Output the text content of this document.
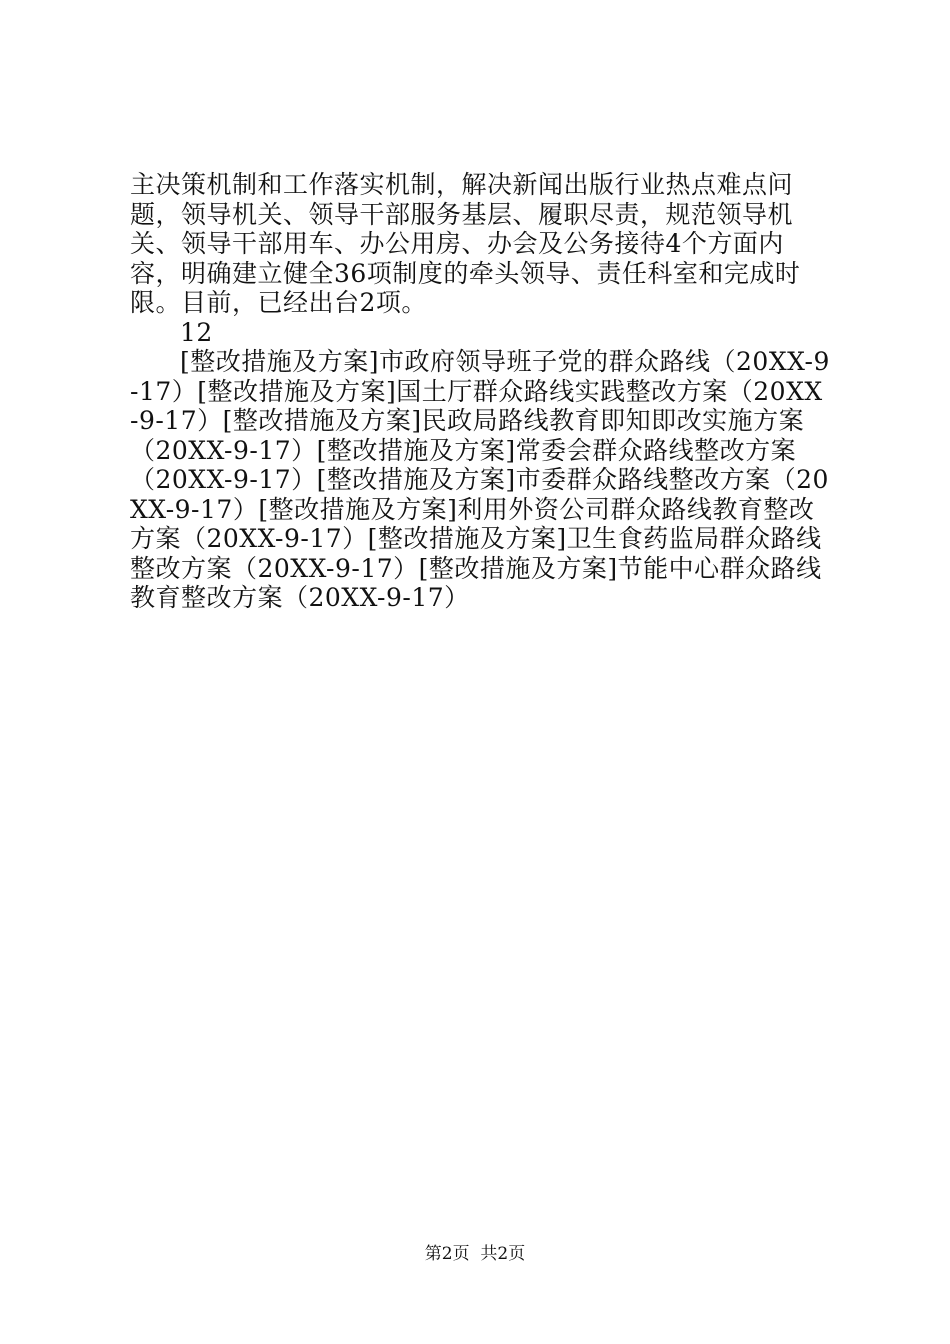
主决策机制和工作落实机制，解决新闻出版行业热点难点问题，领导机关、领导干部服务基层、履职尽责，规范领导机关、领导干部用车、办公用房、办会及公务接待4个方面内容，明确建立健全36项制度的牵头领导、责任科室和完成时限。目前，已经出台2项。

12

[整改措施及方案]市政府领导班子党的群众路线（20XX-9-17）[整改措施及方案]国土厅群众路线实践整改方案（20XX-9-17）[整改措施及方案]民政局路线教育即知即改实施方案（20XX-9-17）[整改措施及方案]常委会群众路线整改方案（20XX-9-17）[整改措施及方案]市委群众路线整改方案（20XX-9-17）[整改措施及方案]利用外资公司群众路线教育整改方案（20XX-9-17）[整改措施及方案]卫生食药监局群众路线整改方案（20XX-9-17）[整改措施及方案]节能中心群众路线教育整改方案（20XX-9-17）

第2页  共2页
